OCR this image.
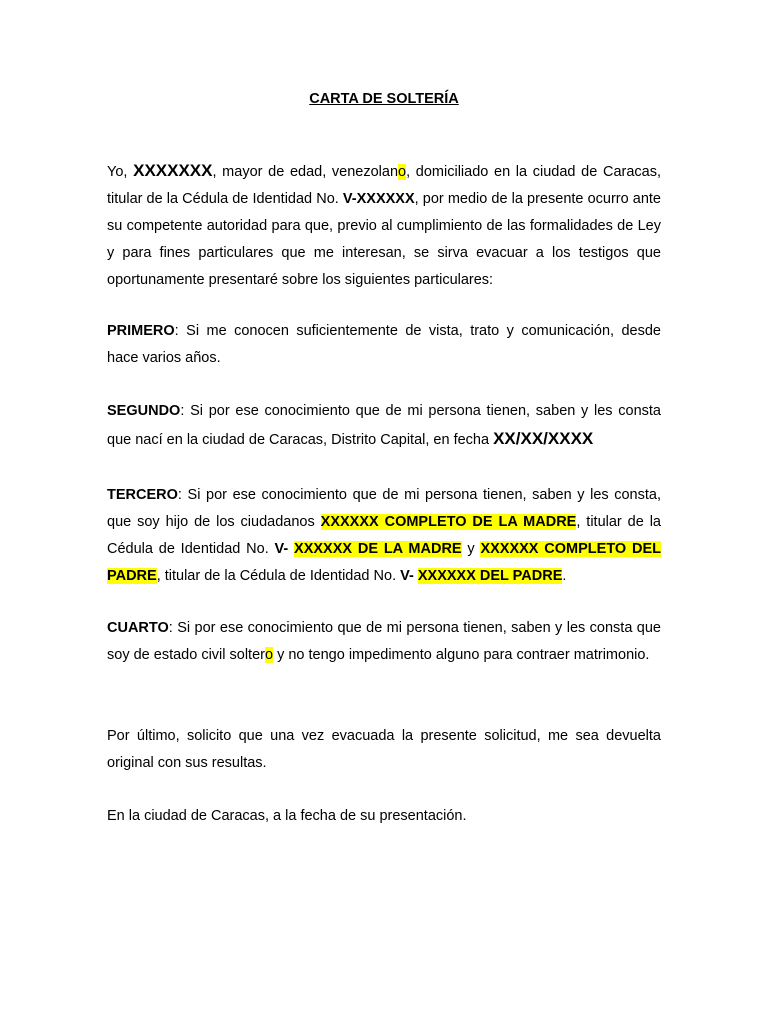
CARTA DE SOLTERÍA

Yo, XXXXXXX, mayor de edad, venezolano, domiciliado en la ciudad de Caracas, titular de la Cédula de Identidad No. V-XXXXXX, por medio de la presente ocurro ante su competente autoridad para que, previo al cumplimiento de las formalidades de Ley y para fines particulares que me interesan, se sirva evacuar a los testigos que oportunamente presentaré sobre los siguientes particulares:

PRIMERO: Si me conocen suficientemente de vista, trato y comunicación, desde hace varios años.

SEGUNDO: Si por ese conocimiento que de mi persona tienen, saben y les consta que nací en la ciudad de Caracas, Distrito Capital, en fecha XX/XX/XXXX

TERCERO: Si por ese conocimiento que de mi persona tienen, saben y les consta, que soy hijo de los ciudadanos XXXXXX COMPLETO DE LA MADRE, titular de la Cédula de Identidad No. V- XXXXXX DE LA MADRE y XXXXXX COMPLETO DEL PADRE, titular de la Cédula de Identidad No. V- XXXXXX DEL PADRE.

CUARTO: Si por ese conocimiento que de mi persona tienen, saben y les consta que soy de estado civil soltero y no tengo impedimento alguno para contraer matrimonio.

Por último, solicito que una vez evacuada la presente solicitud, me sea devuelta original con sus resultas.

En la ciudad de Caracas, a la fecha de su presentación.
